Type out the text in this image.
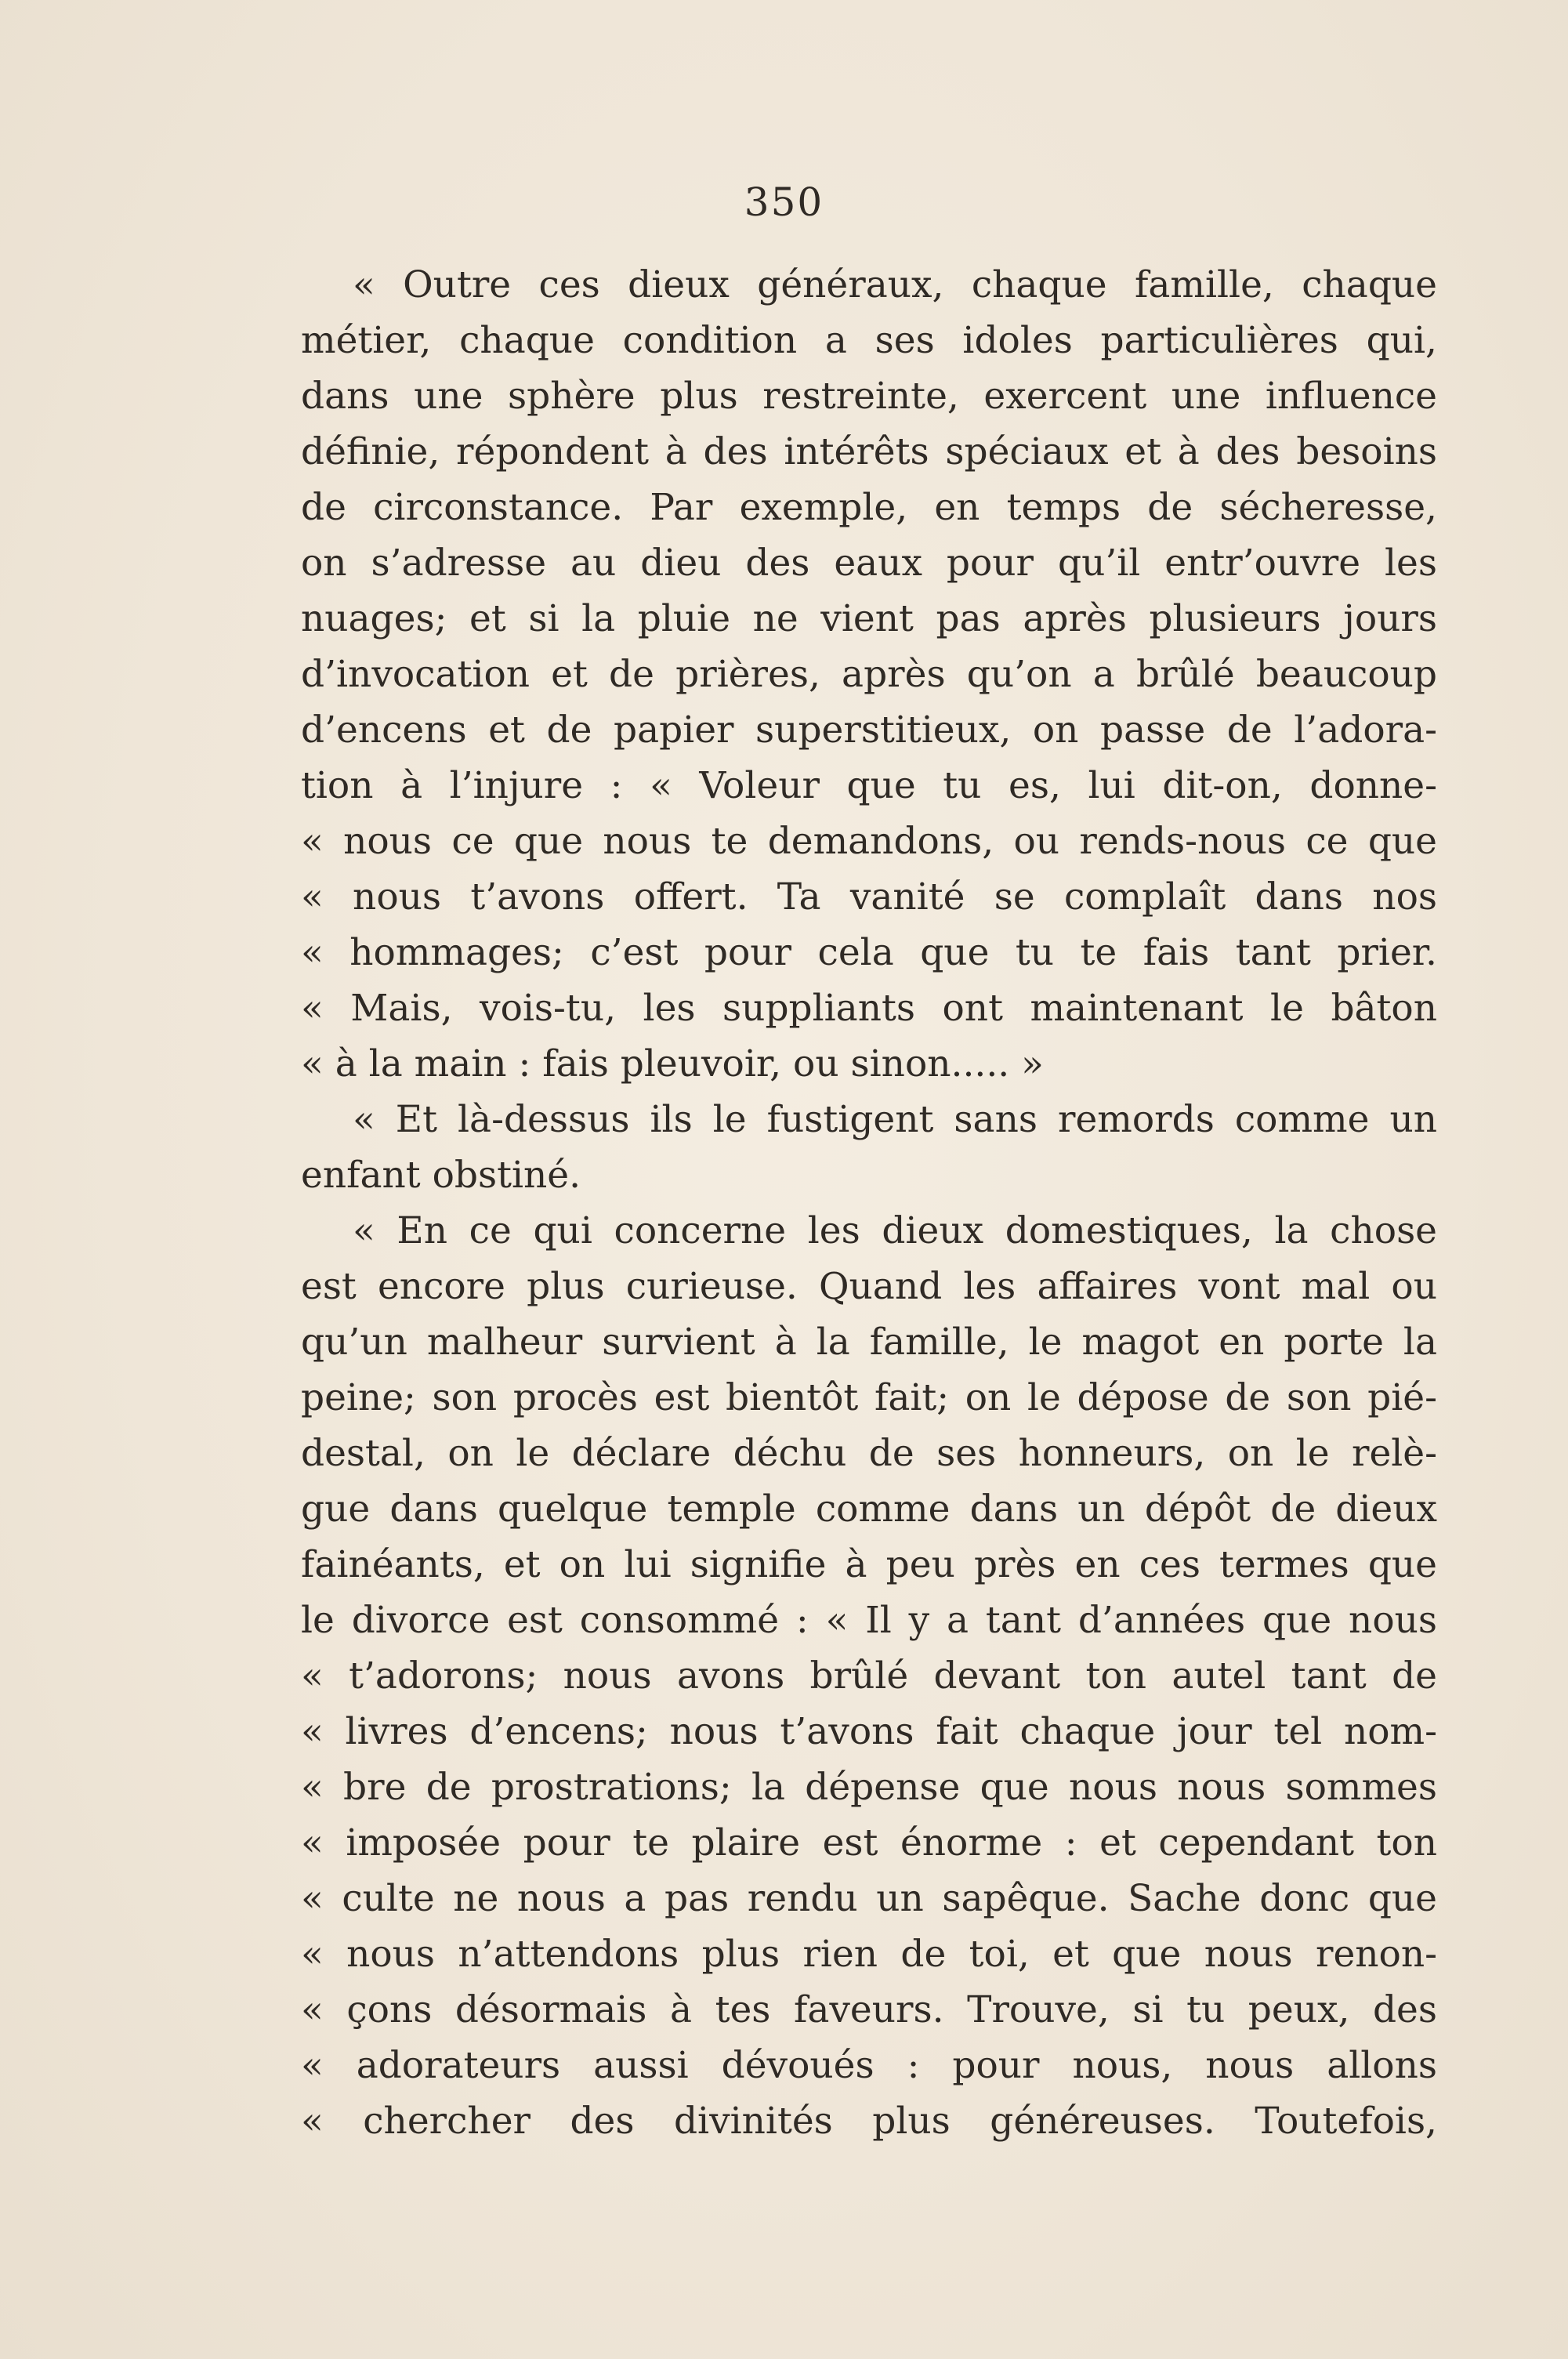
350
« Outre ces dieux généraux, chaque famille, chaque
métier, chaque condition a ses idoles particulières qui,
dans une sphère plus restreinte, exercent une influence
définie, répondent à des intérêts spéciaux et à des besoins
de circonstance. Par exemple, en temps de sécheresse,
on s’adresse au dieu des eaux pour qu’il entr’ouvre les
nuages; et si la pluie ne vient pas après plusieurs jours
d’invocation et de prières, après qu’on a brûlé beaucoup
d’encens et de papier superstitieux, on passe de l’adora-
tion à l’injure : « Voleur que tu es, lui dit-on, donne-
« nous ce que nous te demandons, ou rends-nous ce que
« nous t’avons offert. Ta vanité se complaît dans nos
« hommages; c’est pour cela que tu te fais tant prier.
« Mais, vois-tu, les suppliants ont maintenant le bâton
« à la main : fais pleuvoir, ou sinon..... »
« Et là-dessus ils le fustigent sans remords comme un
enfant obstiné.
« En ce qui concerne les dieux domestiques, la chose
est encore plus curieuse. Quand les affaires vont mal ou
qu’un malheur survient à la famille, le magot en porte la
peine; son procès est bientôt fait; on le dépose de son pié-
destal, on le déclare déchu de ses honneurs, on le relè-
gue dans quelque temple comme dans un dépôt de dieux
fainéants, et on lui signifie à peu près en ces termes que
le divorce est consommé : « Il y a tant d’années que nous
« t’adorons; nous avons brûlé devant ton autel tant de
« livres d’encens; nous t’avons fait chaque jour tel nom-
« bre de prostrations; la dépense que nous nous sommes
« imposée pour te plaire est énorme : et cependant ton
« culte ne nous a pas rendu un sapêque. Sache donc que
« nous n’attendons plus rien de toi, et que nous renon-
« çons désormais à tes faveurs. Trouve, si tu peux, des
« adorateurs aussi dévoués : pour nous, nous allons
« chercher des divinités plus généreuses. Toutefois,
